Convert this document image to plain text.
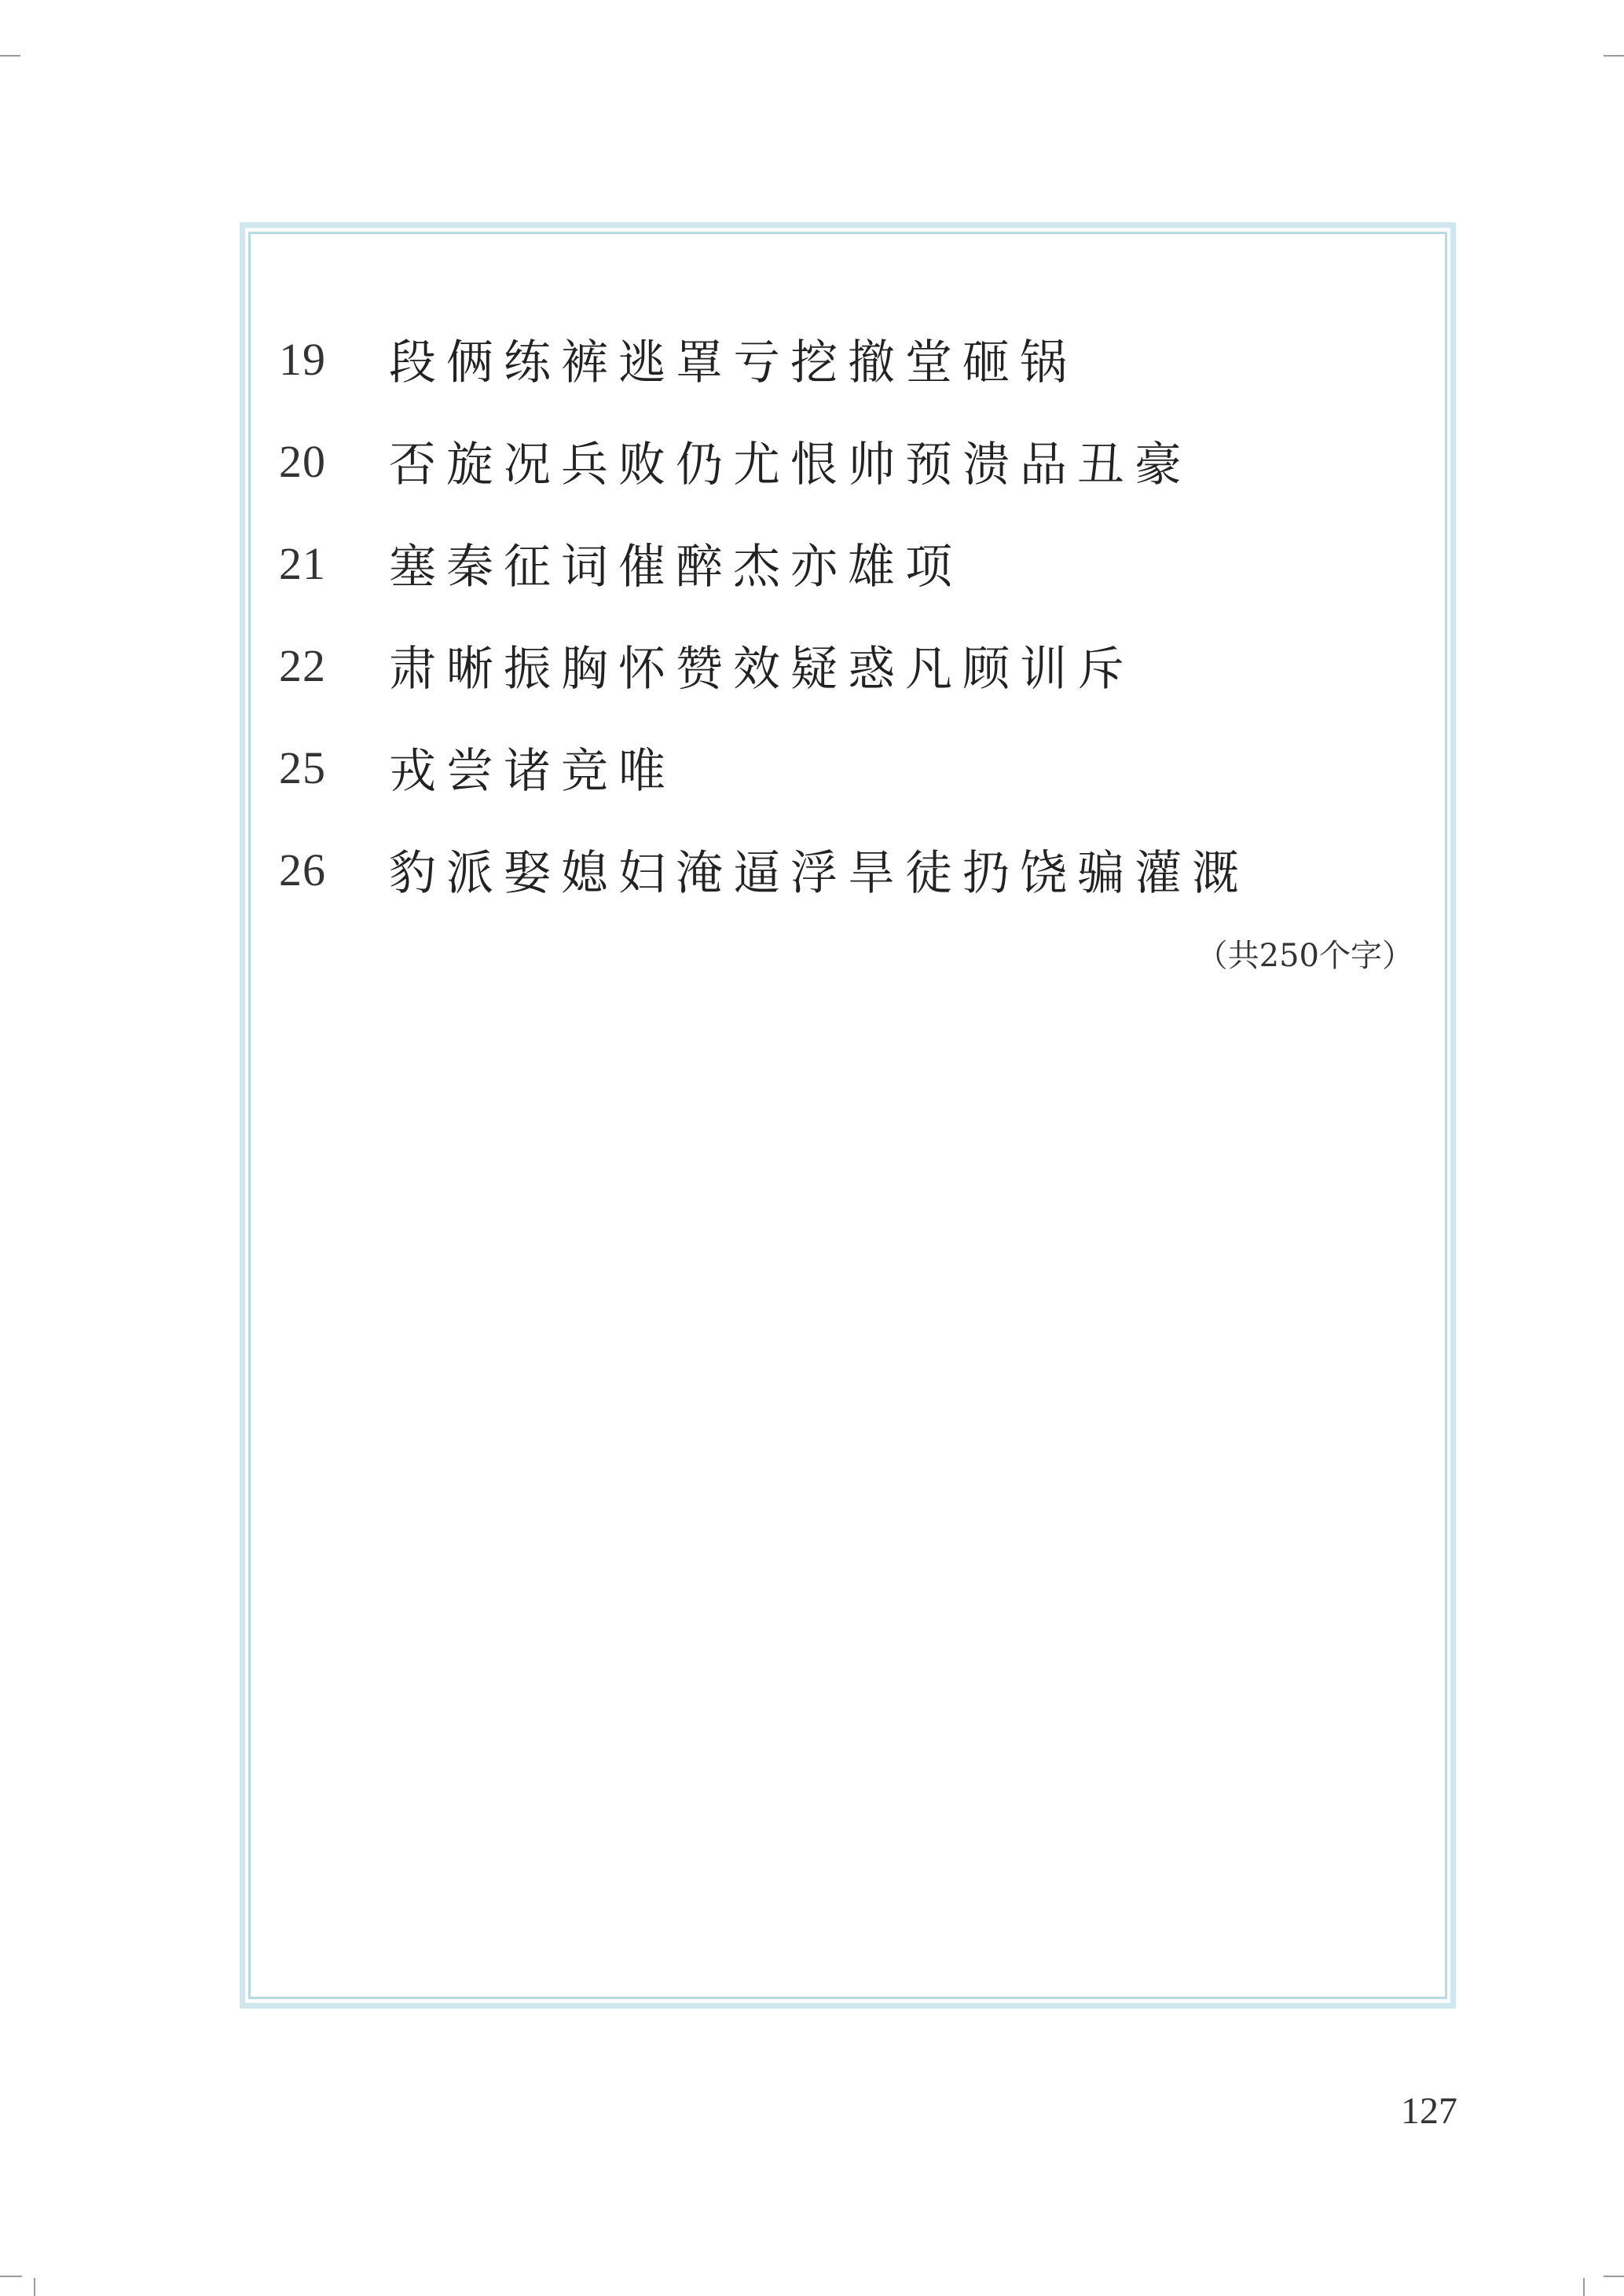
19	段俩练裤逃罩亏挖撤堂砸锅
20	否旋况兵败仍尤恨帅预溃品丑豪
21	塞秦征词催醉杰亦雄项
22	肃晰振胸怀赞效疑惑凡顾训斥
25	戎尝诸竞唯
26	豹派娶媳妇淹逼浮旱徒扔饶骗灌溉
（共250个字）
127
